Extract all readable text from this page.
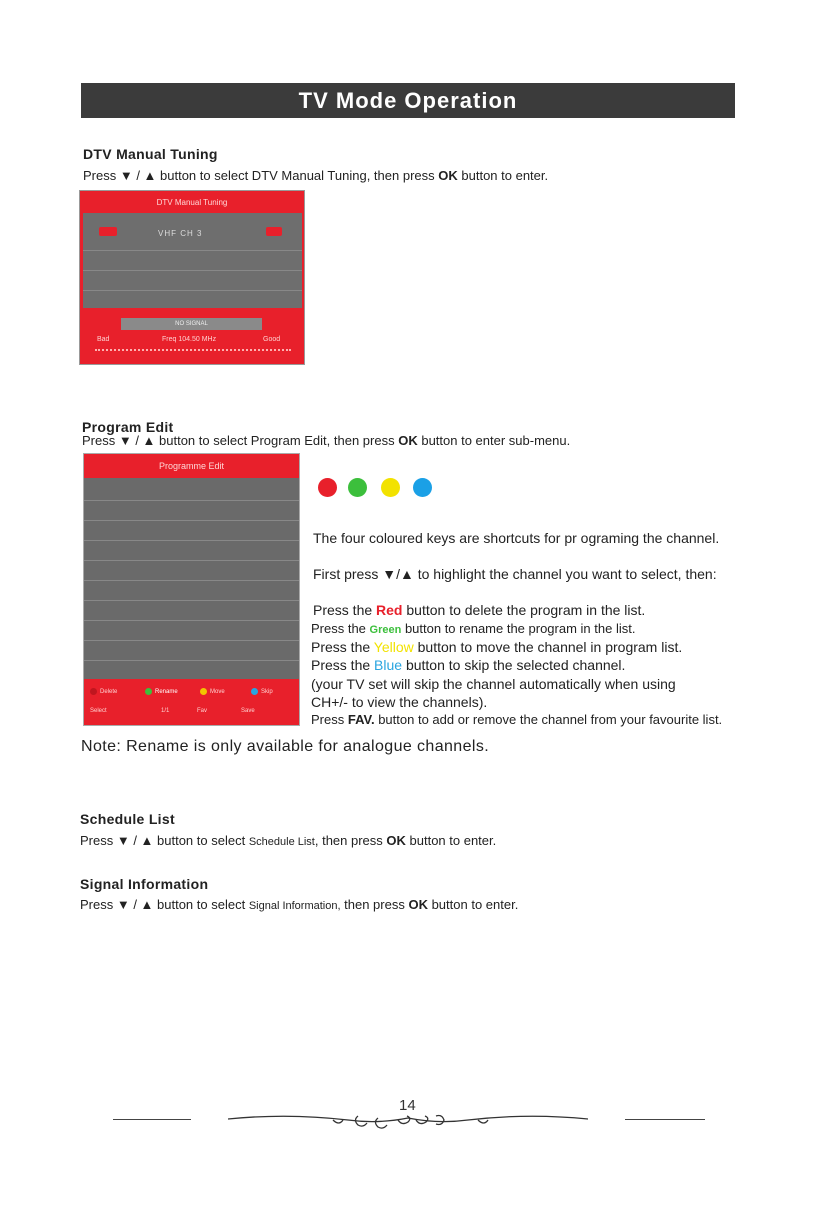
TV Mode Operation
DTV Manual Tuning
Press ▼ / ▲ button to select DTV Manual Tuning, then press OK button to enter.
DTV Manual Tuning
VHF CH 3
NO SIGNAL
Bad	Freq 104.50 MHz	Good
Program Edit
Press ▼ / ▲ button to select Program Edit, then press OK button to enter sub-menu.
Programme Edit
Delete	Rename	Move	Skip
Select	1/1	Fav	Save
The four coloured keys are shortcuts for pr ograming the channel.
First press ▼/▲ to highlight the channel you want to select, then:
Press the Red button to delete the program in the list.
Press the Green button to rename the program in the list.
Press the Yellow button to move the channel in program list.
Press the Blue button to skip the selected channel.
(your TV set will skip the channel automatically when using
CH+/- to view the channels).
Press FAV. button to add or remove the channel from your favourite list.
Note: Rename is only available for analogue channels.
Schedule List
Press ▼ / ▲ button to select Schedule List, then press OK button to enter.
Signal Information
Press ▼ / ▲ button to select Signal Information, then press OK button to enter.
14
